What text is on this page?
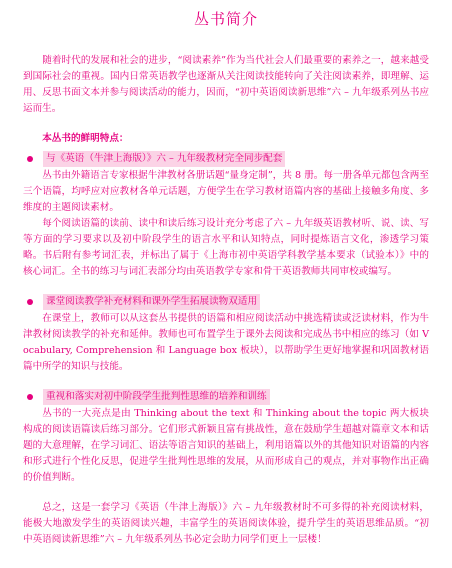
丛书简介

随着时代的发展和社会的进步，“阅读素养”作为当代社会人们最重要的素养之一，越来越受到国际社会的重视。国内日常英语教学也逐渐从关注阅读技能转向了关注阅读素养，即理解、运用、反思书面文本并参与阅读活动的能力，因而，“初中英语阅读新思维”六 – 九年级系列丛书应运而生。

本丛书的鲜明特点：

与《英语（牛津上海版）》六 – 九年级教材完全同步配套

丛书由外籍语言专家根据牛津教材各册话题“量身定制”，共 8 册。每一册各单元都包含两至三个语篇，均呼应对应教材各单元话题，方便学生在学习教材语篇内容的基础上接触多角度、多维度的主题阅读素材。

每个阅读语篇的读前、读中和读后练习设计充分考虑了六 – 九年级英语教材听、说、读、写等方面的学习要求以及初中阶段学生的语言水平和认知特点，同时提炼语言文化，渗透学习策略。书后附有参考词汇表，并标出了属于《上海市初中英语学科教学基本要求（试验本）》中的核心词汇。全书的练习与词汇表部分均由英语教学专家和骨干英语教师共同审校或编写。

课堂阅读教学补充材料和课外学生拓展读物双适用

在课堂上，教师可以从这套丛书提供的语篇和相应阅读活动中挑选精读或泛读材料，作为牛津教材阅读教学的补充和延伸。教师也可布置学生于课外去阅读和完成丛书中相应的练习（如 Vocabulary, Comprehension 和 Language box 板块），以帮助学生更好地掌握和巩固教材语篇中所学的知识与技能。

重视和落实对初中阶段学生批判性思维的培养和训练

丛书的一大亮点是由 Thinking about the text 和 Thinking about the topic 两大板块构成的阅读语篇读后练习部分。它们形式新颖且富有挑战性，意在鼓励学生超越对篇章文本和话题的大意理解，在学习词汇、语法等语言知识的基础上，利用语篇以外的其他知识对语篇的内容和形式进行个性化反思，促进学生批判性思维的发展，从而形成自己的观点，并对事物作出正确的价值判断。

总之，这是一套学习《英语（牛津上海版）》六 – 九年级教材时不可多得的补充阅读材料，能极大地激发学生的英语阅读兴趣，丰富学生的英语阅读体验，提升学生的英语思维品质。“初中英语阅读新思维”六 – 九年级系列丛书必定会助力同学们更上一层楼！
